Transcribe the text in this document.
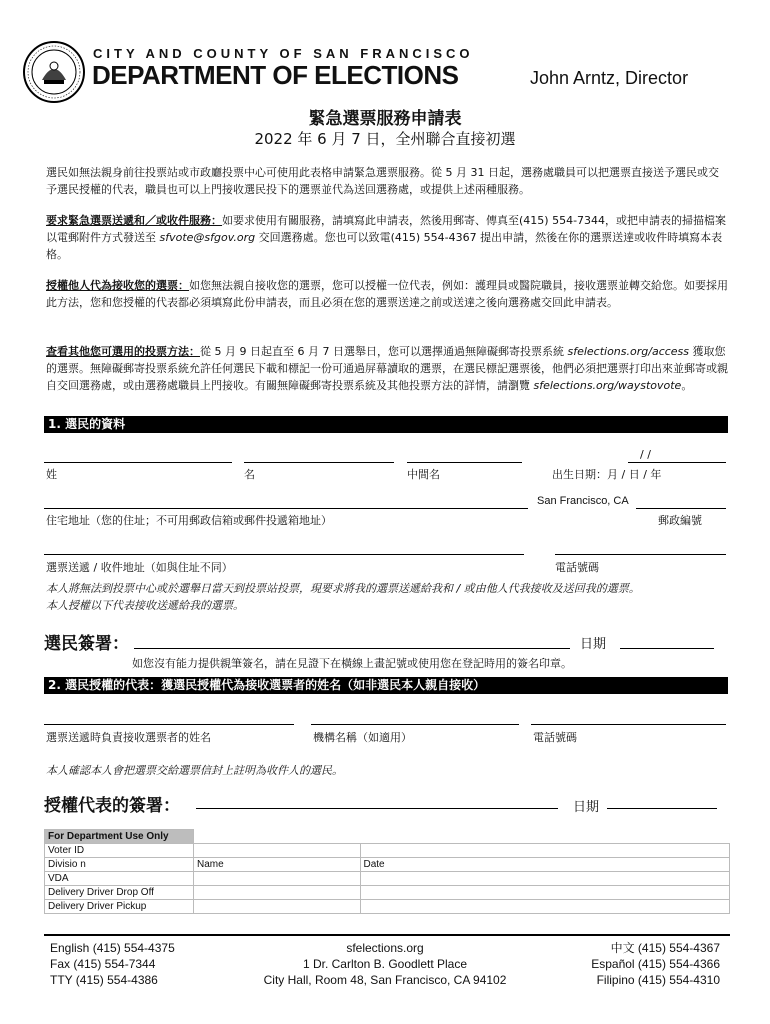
CITY AND COUNTY OF SAN FRANCISCO
DEPARTMENT OF ELECTIONS	John Arntz, Director
緊急選票服務申請表
2022 年 6 月 7 日，全州聯合直接初選
選民如無法親身前往投票站或市政廳投票中心可使用此表格申請緊急選票服務。從 5 月 31 日起，選務處職員可以把選票直接送予選民或交予選民授權的代表，職員也可以上門接收選民投下的選票並代為送回選務處，或提供上述兩種服務。
要求緊急選票送遞和／或收件服務：如要求使用有關服務，請填寫此申請表，然後用郵寄、傳真至(415) 554-7344，或把申請表的掃描檔案以電郵附件方式發送至 sfvote@sfgov.org 交回選務處。您也可以致電(415) 554-4367 提出申請，然後在你的選票送達或收件時填寫本表格。
授權他人代為接收您的選票：如您無法親自接收您的選票，您可以授權一位代表，例如：護理員或醫院職員，接收選票並轉交給您。如要採用此方法，您和您授權的代表都必須填寫此份申請表，而且必須在您的選票送達之前或送達之後向選務處交回此申請表。
查看其他您可選用的投票方法：從 5 月 9 日起直至 6 月 7 日選舉日，您可以選擇通過無障礙郵寄投票系統 sfelections.org/access 獲取您的選票。無障礙郵寄投票系統允許任何選民下載和標記一份可通過屏幕讀取的選票，在選民標記選票後，他們必須把選票打印出來並郵寄或親自交回選務處，或由選務處職員上門接收。有關無障礙郵寄投票系統及其他投票方法的詳情，請瀏覽 sfelections.org/waystovote。
1. 選民的資料
/ /
姓	名	中間名	出生日期：月 / 日 / 年
San Francisco, CA
住宅地址（您的住址；不可用郵政信箱或郵件投遞箱地址）	郵政編號
選票送遞 / 收件地址（如與住址不同）	電話號碼
本人將無法到投票中心或於選舉日當天到投票站投票，現要求將我的選票送遞給我和 / 或由他人代我接收及送回我的選票。
本人授權以下代表接收送遞給我的選票。
選民簽署：	日期
如您沒有能力提供親筆簽名，請在見證下在橫線上畫記號或使用您在登記時用的簽名印章。
2. 選民授權的代表：獲選民授權代為接收選票者的姓名（如非選民本人親自接收）
選票送遞時負責接收選票者的姓名	機構名稱（如適用）	電話號碼
本人確認本人會把選票交給選票信封上註明為收件人的選民。
授權代表的簽署：	日期
For Department Use Only		
Voter ID		
Divisio n	Name	Date
VDA		
Delivery Driver Drop Off		
Delivery Driver Pickup		
English (415) 554-4375
Fax (415) 554-7344
TTY (415) 554-4386
sfelections.org
1 Dr. Carlton B. Goodlett Place
City Hall, Room 48, San Francisco, CA 94102
中文 (415) 554-4367
Español (415) 554-4366
Filipino (415) 554-4310
